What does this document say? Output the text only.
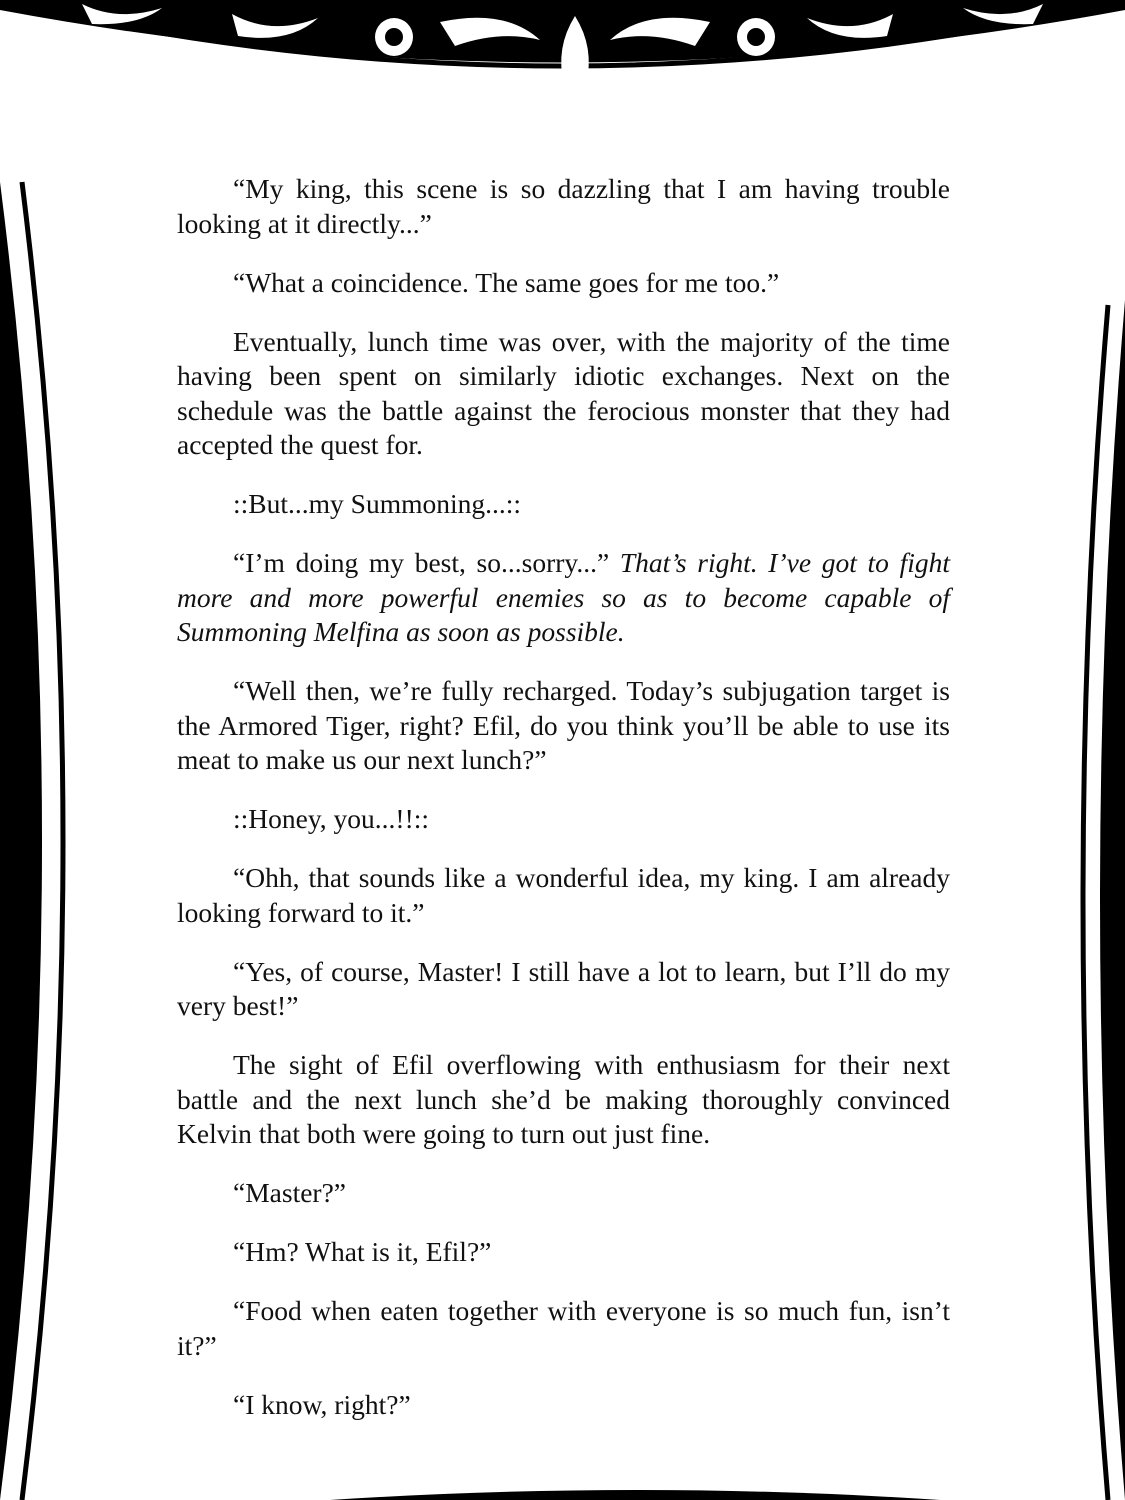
“My king, this scene is so dazzling that I am having trouble looking at it directly...”

“What a coincidence. The same goes for me too.”

Eventually, lunch time was over, with the majority of the time having been spent on similarly idiotic exchanges. Next on the schedule was the battle against the ferocious monster that they had accepted the quest for.

::But...my Summoning...::

“I’m doing my best, so...sorry...” That’s right. I’ve got to fight more and more powerful enemies so as to become capable of Summoning Melfina as soon as possible.

“Well then, we’re fully recharged. Today’s subjugation target is the Armored Tiger, right? Efil, do you think you’ll be able to use its meat to make us our next lunch?”

::Honey, you...!!::

“Ohh, that sounds like a wonderful idea, my king. I am already looking forward to it.”

“Yes, of course, Master! I still have a lot to learn, but I’ll do my very best!”

The sight of Efil overflowing with enthusiasm for their next battle and the next lunch she’d be making thoroughly convinced Kelvin that both were going to turn out just fine.

“Master?”

“Hm? What is it, Efil?”

“Food when eaten together with everyone is so much fun, isn’t it?”

“I know, right?”
